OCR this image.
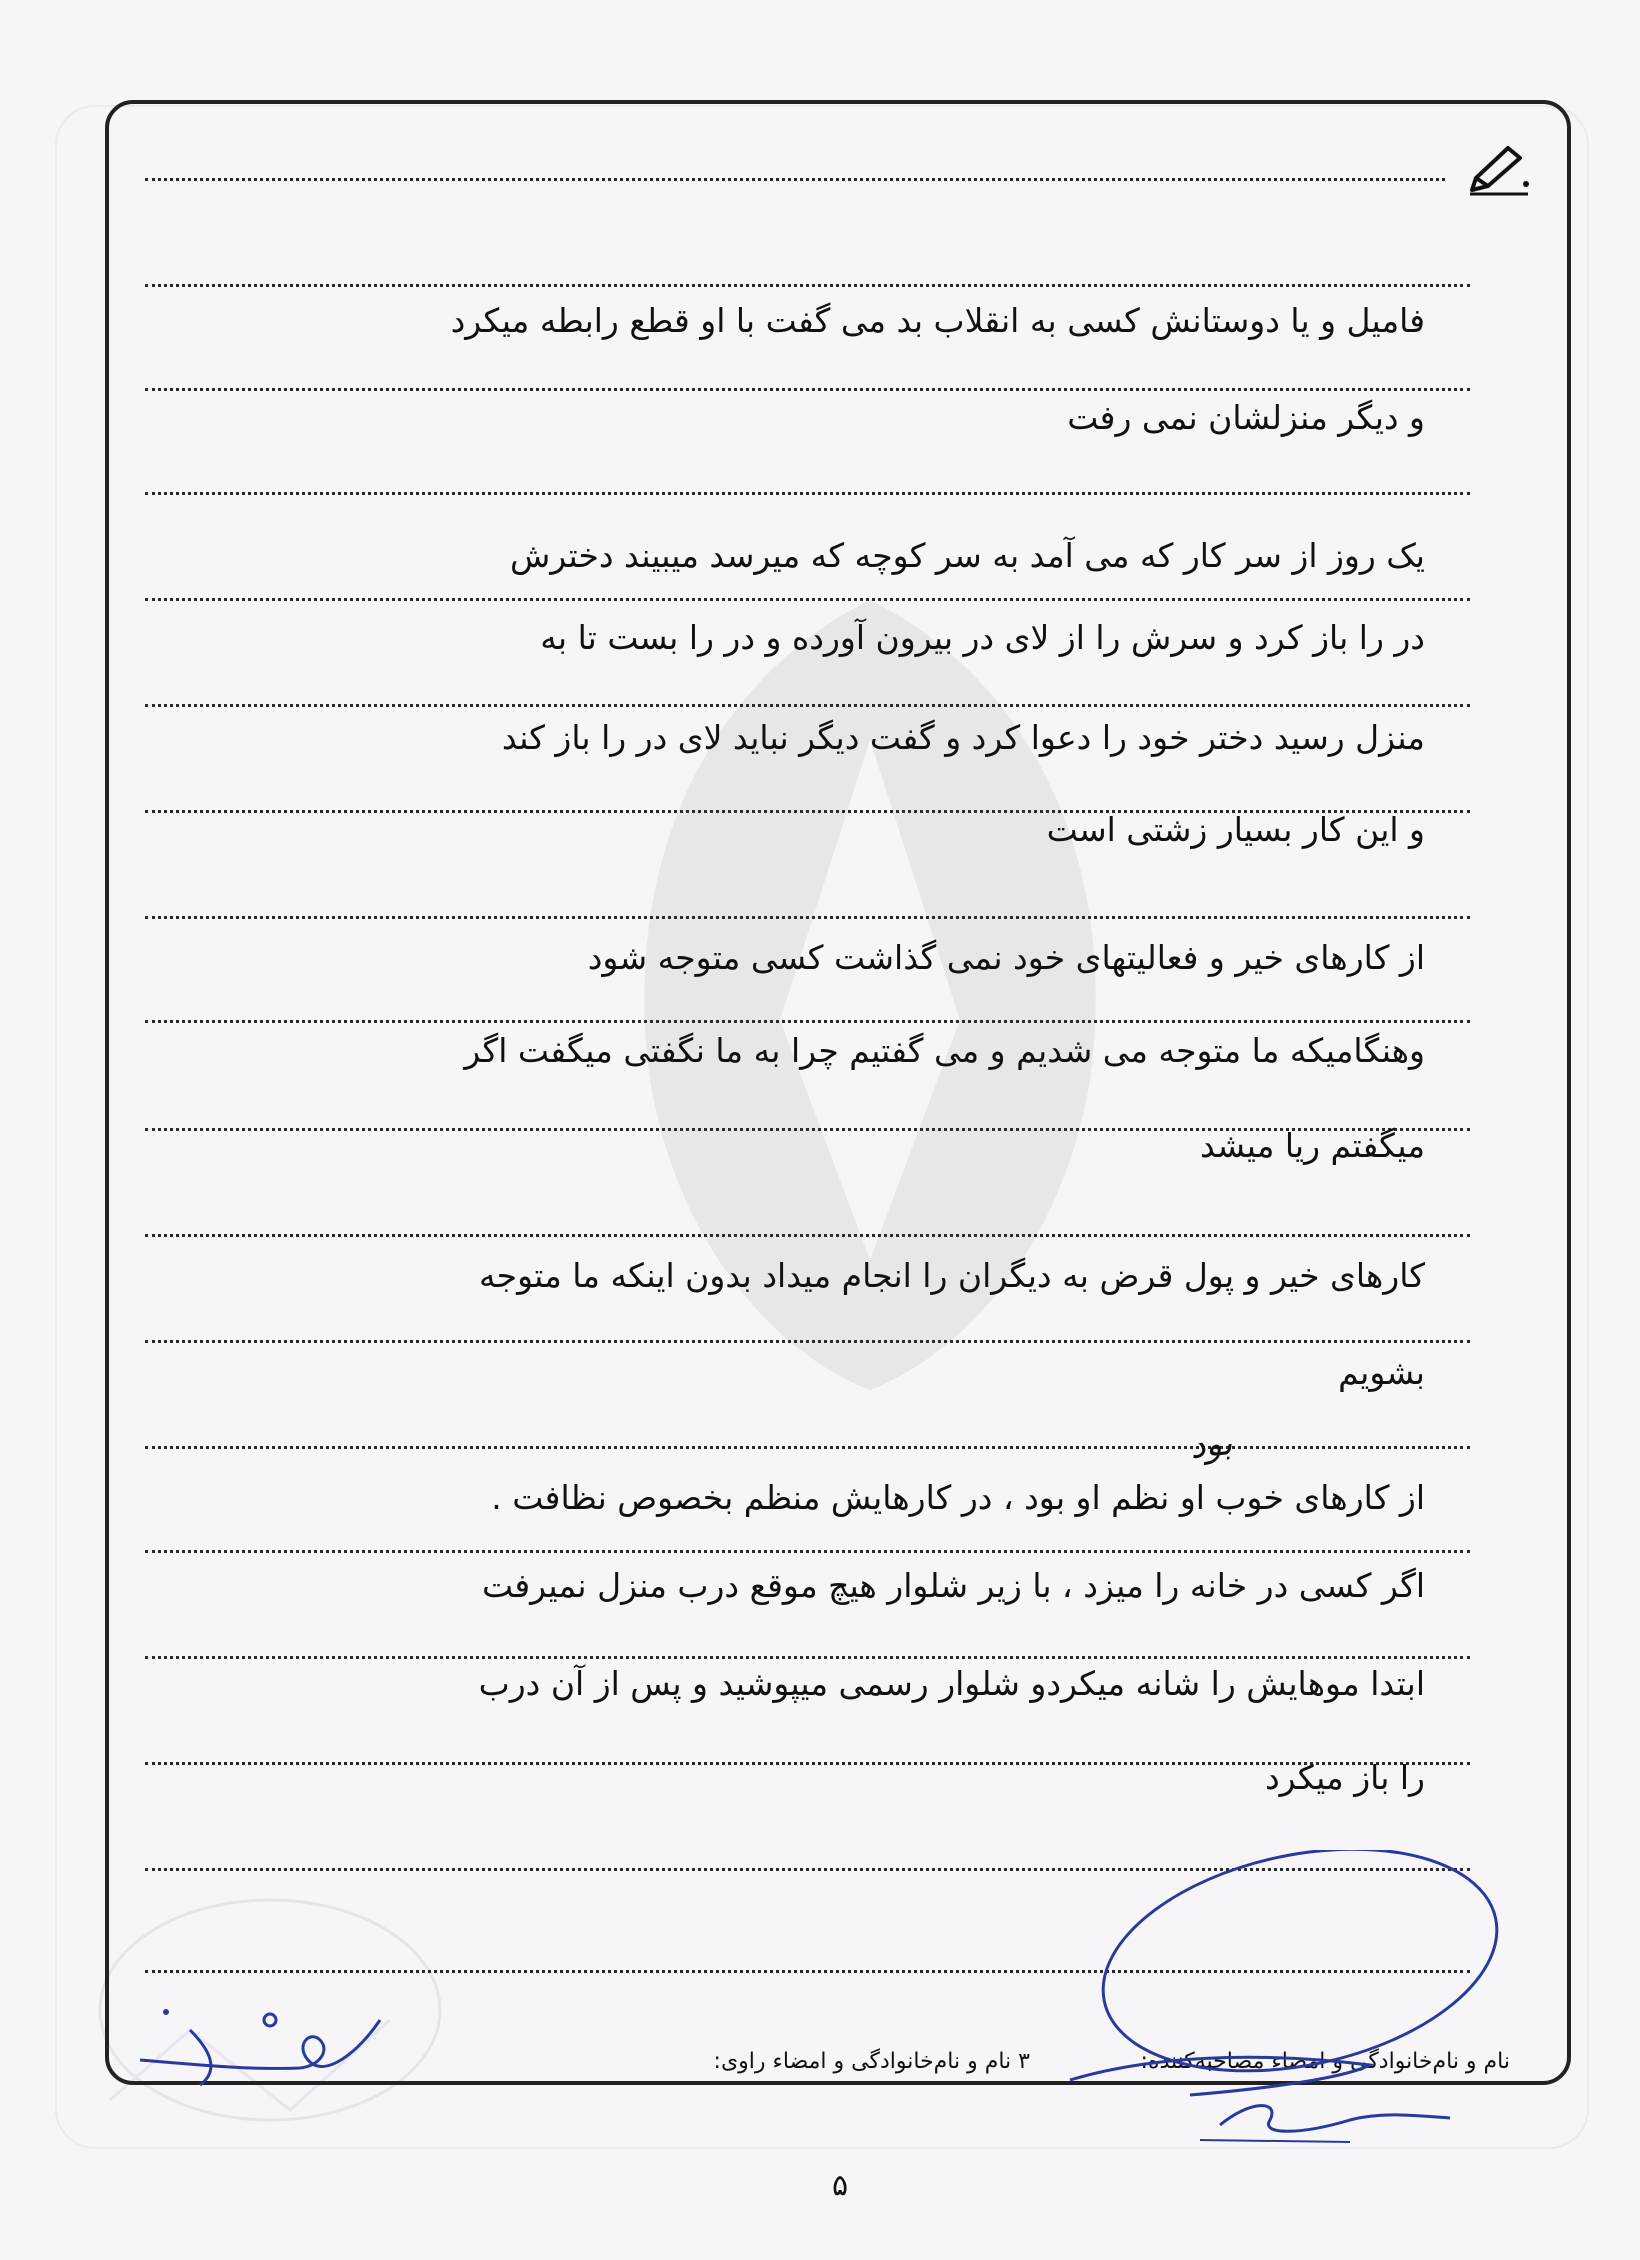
فامیل و یا دوستانش کسی به انقلاب بد می گفت با او قطع رابطه میکرد
و دیگر منزلشان نمی رفت
یک روز از سر کار که می آمد به سر کوچه که میرسد میبیند دخترش
در را باز کرد و سرش را از لای در بیرون آورده و در را بست تا به
منزل رسید دختر خود را دعوا کرد و گفت دیگر نباید لای در را باز کند
و این کار بسیار زشتی است
از کارهای خیر و فعالیتهای خود نمی گذاشت کسی متوجه شود
وهنگامیکه ما متوجه می شدیم و می گفتیم چرا به ما نگفتی میگفت اگر
میگفتم ریا میشد
کارهای خیر و پول قرض به دیگران را انجام میداد بدون اینکه ما متوجه
بشویم
از کارهای خوب او نظم او بود ، در کارهایش منظم بخصوص نظافت .
اگر کسی در خانه را میزد ، با زیر شلوار هیچ موقع درب منزل نمیرفت
ابتدا موهایش را شانه میکردو شلوار رسمی میپوشید و پس از آن درب
را باز میکرد
بود
نام و نام‌خانوادگی و امضاء مصاحبه‌کننده:
۳ نام و نام‌خانوادگی و امضاء راوی:
۵
